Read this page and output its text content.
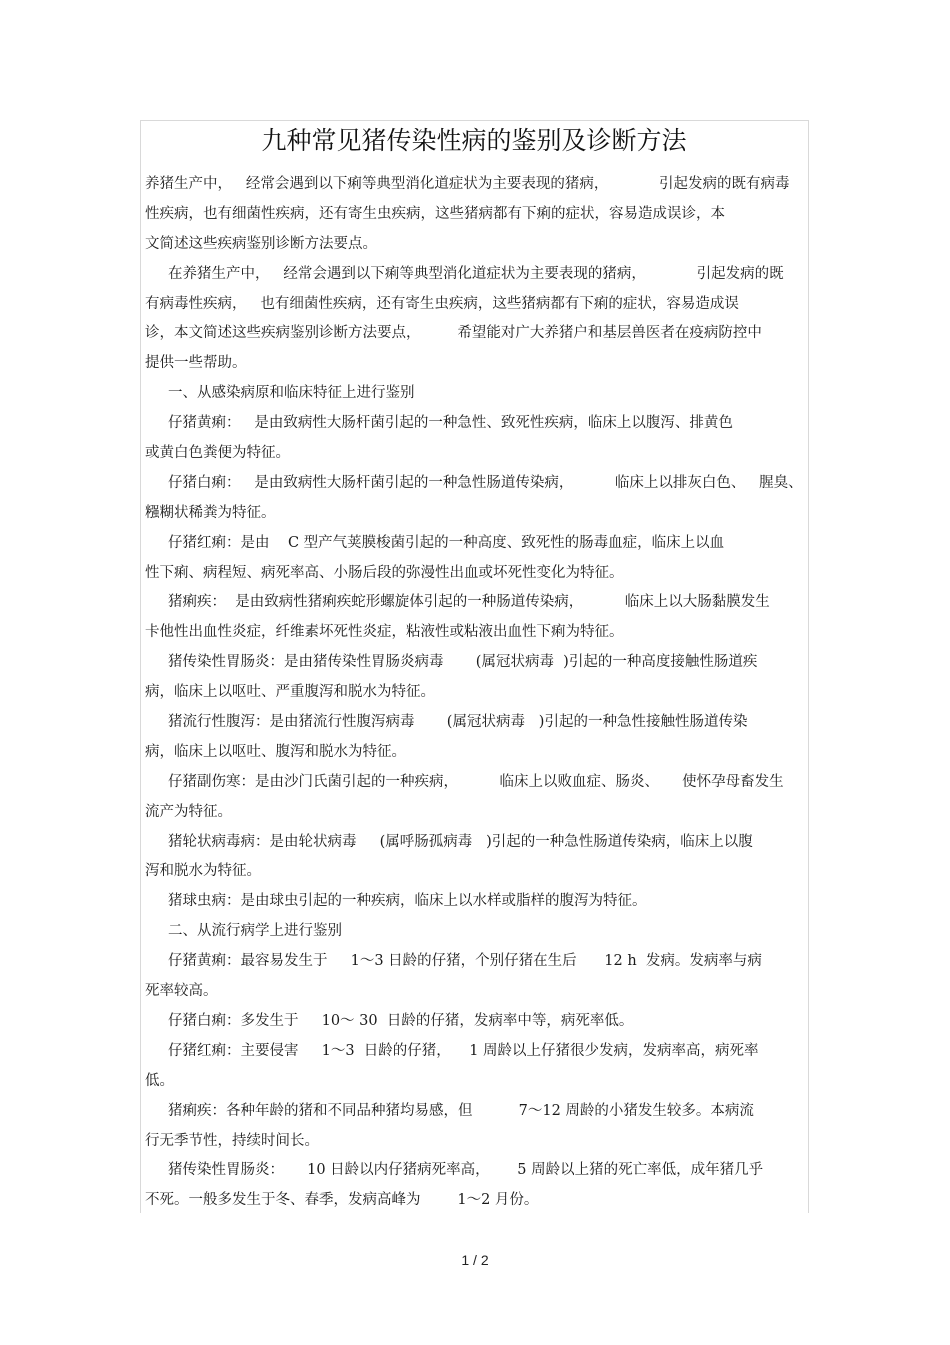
九种常见猪传染性病的鉴别及诊断方法
养猪生产中，   经常会遇到以下痢等典型消化道症状为主要表现的猪病，           引起发病的既有病毒
性疾病，也有细菌性疾病，还有寄生虫疾病，这些猪病都有下痢的症状，容易造成误诊，本
文简述这些疾病鉴别诊断方法要点。
在养猪生产中，   经常会遇到以下痢等典型消化道症状为主要表现的猪病，           引起发病的既
有病毒性疾病，   也有细菌性疾病，还有寄生虫疾病，这些猪病都有下痢的症状，容易造成误
诊，本文简述这些疾病鉴别诊断方法要点，        希望能对广大养猪户和基层兽医者在疫病防控中
提供一些帮助。
一、从感染病原和临床特征上进行鉴别
仔猪黄痢：   是由致病性大肠杆菌引起的一种急性、致死性疾病，临床上以腹泻、排黄色
或黄白色粪便为特征。
仔猪白痢：   是由致病性大肠杆菌引起的一种急性肠道传染病，         临床上以排灰白色、   腥臭、
糨糊状稀粪为特征。
仔猪红痢：是由    C 型产气荚膜梭菌引起的一种高度、致死性的肠毒血症，临床上以血
性下痢、病程短、病死率高、小肠后段的弥漫性出血或坏死性变化为特征。
猪痢疾：  是由致病性猪痢疾蛇形螺旋体引起的一种肠道传染病，         临床上以大肠黏膜发生
卡他性出血性炎症，纤维素坏死性炎症，粘液性或粘液出血性下痢为特征。
猪传染性胃肠炎：是由猪传染性胃肠炎病毒       (属冠状病毒  )引起的一种高度接触性肠道疾
病，临床上以呕吐、严重腹泻和脱水为特征。
猪流行性腹泻：是由猪流行性腹泻病毒       (属冠状病毒   )引起的一种急性接触性肠道传染
病，临床上以呕吐、腹泻和脱水为特征。
仔猪副伤寒：是由沙门氏菌引起的一种疾病，         临床上以败血症、肠炎、     使怀孕母畜发生
流产为特征。
猪轮状病毒病：是由轮状病毒     (属呼肠孤病毒   )引起的一种急性肠道传染病，临床上以腹
泻和脱水为特征。
猪球虫病：是由球虫引起的一种疾病，临床上以水样或脂样的腹泻为特征。
二、从流行病学上进行鉴别
仔猪黄痢：最容易发生于     1～3 日龄的仔猪，个别仔猪在生后      12 h  发病。发病率与病
死率较高。
仔猪白痢：多发生于     10～ 30  日龄的仔猪，发病率中等，病死率低。
仔猪红痢：主要侵害     1～3  日龄的仔猪，    1 周龄以上仔猪很少发病，发病率高，病死率
低。
猪痢疾：各种年龄的猪和不同品种猪均易感，但          7～12 周龄的小猪发生较多。本病流
行无季节性，持续时间长。
猪传染性胃肠炎：     10 日龄以内仔猪病死率高，      5 周龄以上猪的死亡率低，成年猪几乎
不死。一般多发生于冬、春季，发病高峰为        1～2 月份。
1 / 2
